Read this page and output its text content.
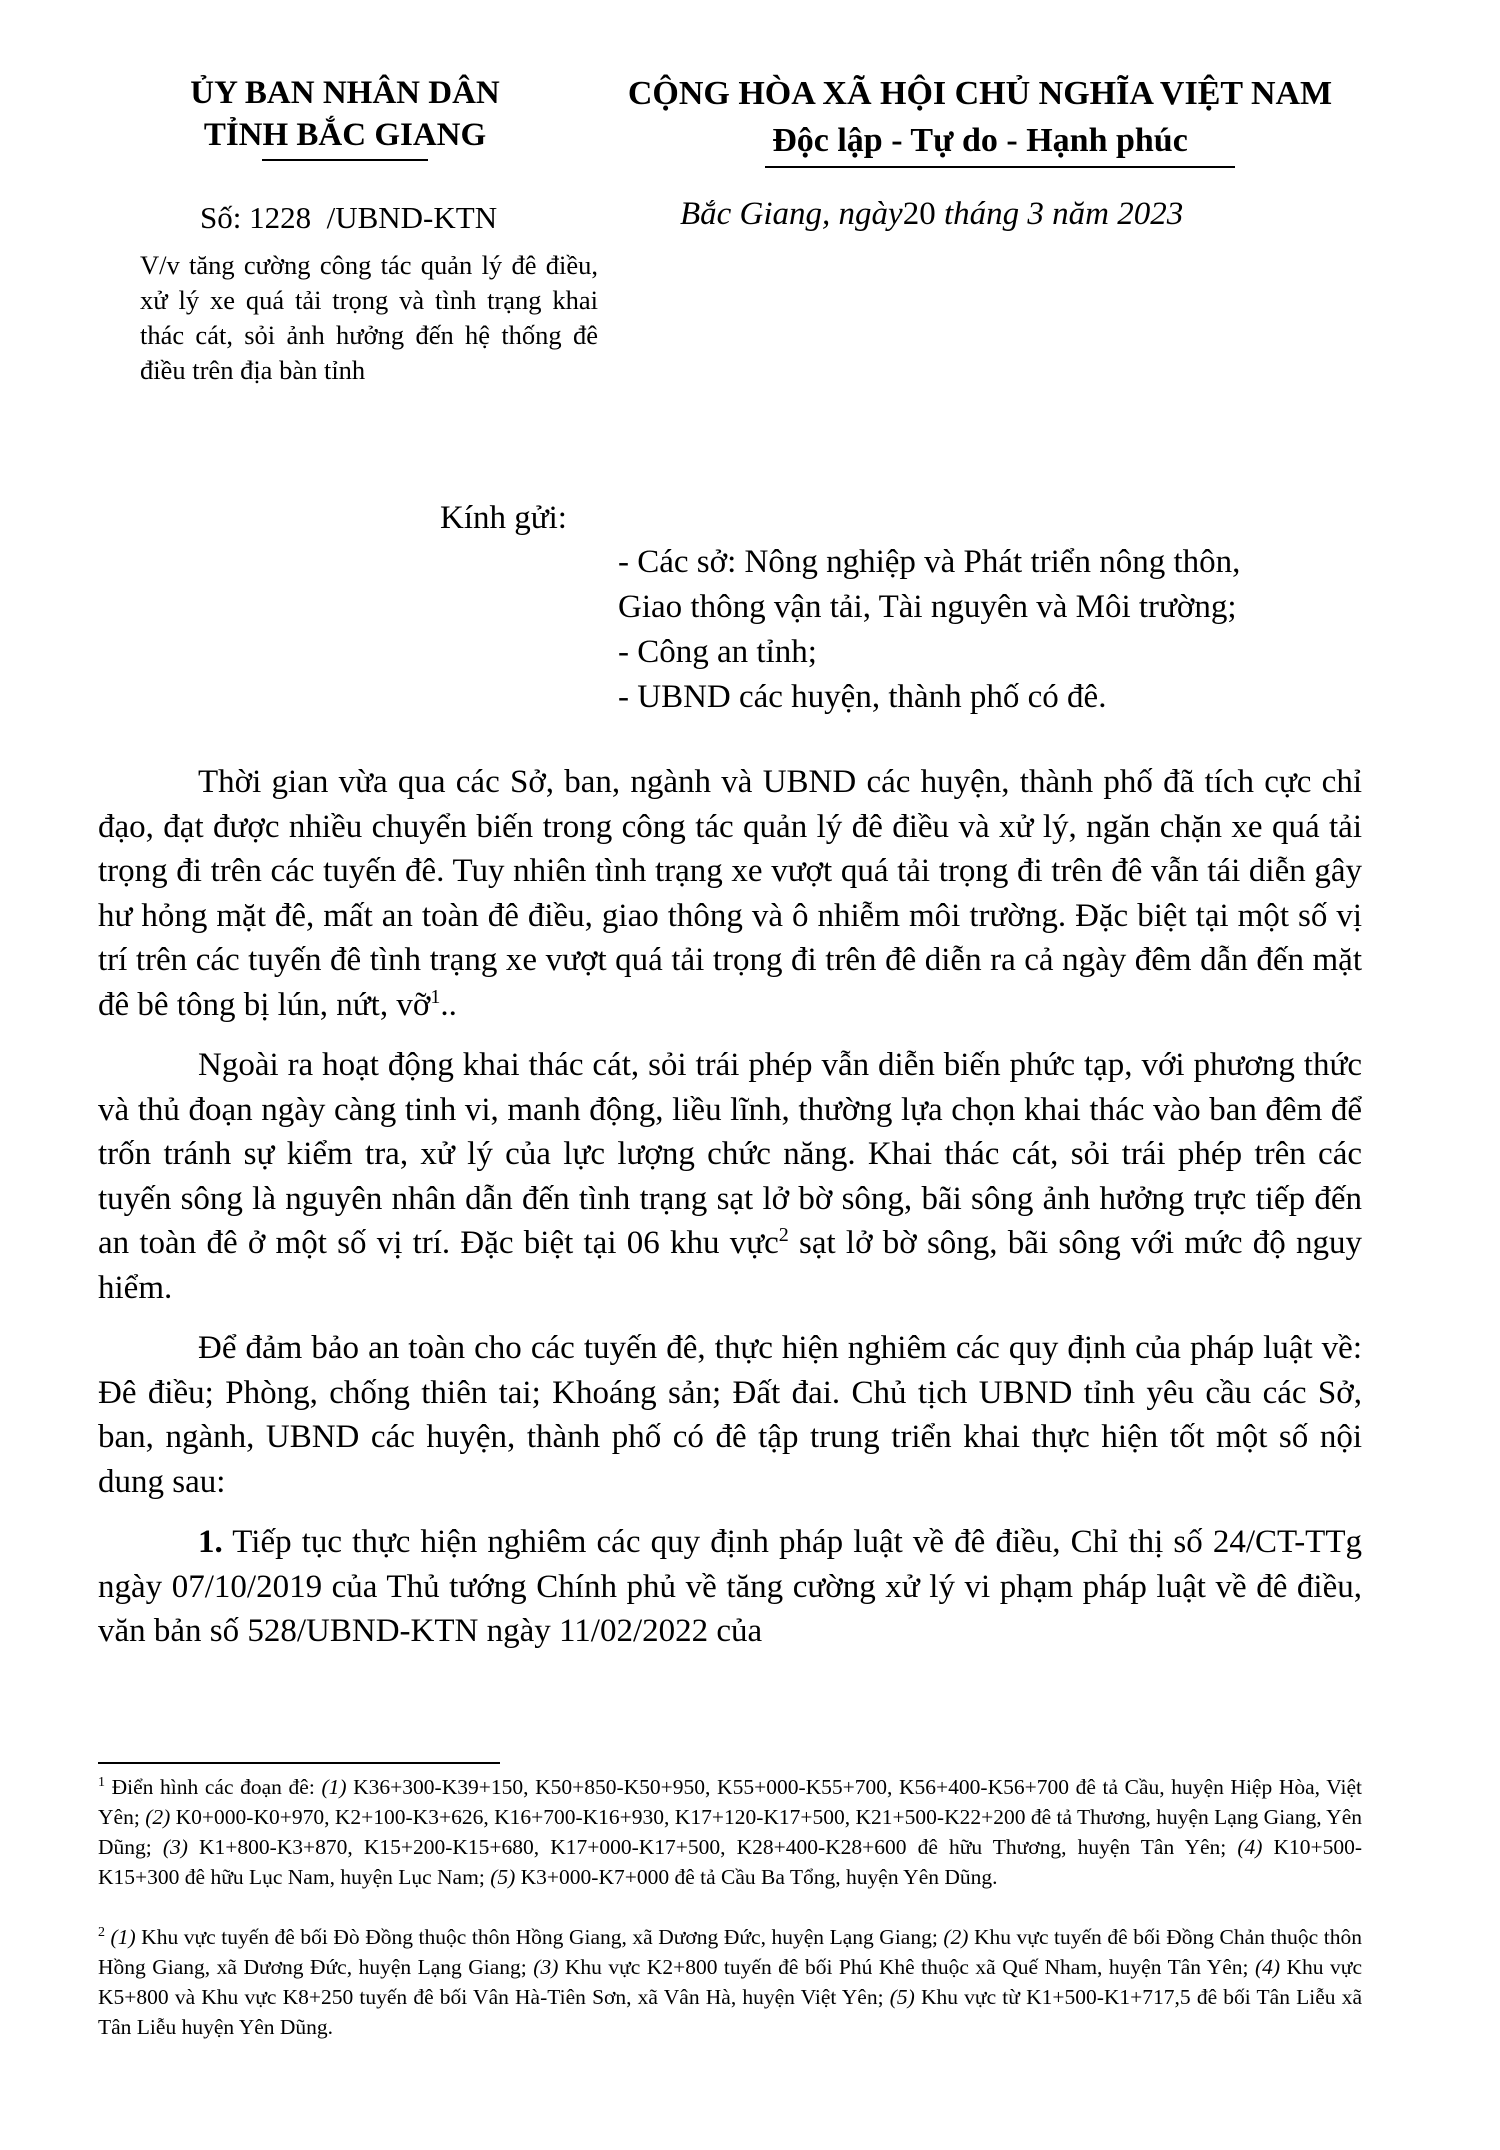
ỦY BAN NHÂN DÂN
TỈNH BẮC GIANG
Số: 1228 /UBND-KTN
V/v tăng cường công tác quản lý đê điều, xử lý xe quá tải trọng và tình trạng khai thác cát, sỏi ảnh hưởng đến hệ thống đê điều trên địa bàn tỉnh
CỘNG HÒA XÃ HỘI CHỦ NGHĨA VIỆT NAM
Độc lập - Tự do - Hạnh phúc
Bắc Giang, ngày20 tháng 3 năm 2023
Kính gửi:
- Các sở: Nông nghiệp và Phát triển nông thôn,
Giao thông vận tải, Tài nguyên và Môi trường;
- Công an tỉnh;
- UBND các huyện, thành phố có đê.

Thời gian vừa qua các Sở, ban, ngành và UBND các huyện, thành phố đã tích cực chỉ đạo, đạt được nhiều chuyển biến trong công tác quản lý đê điều và xử lý, ngăn chặn xe quá tải trọng đi trên các tuyến đê. Tuy nhiên tình trạng xe vượt quá tải trọng đi trên đê vẫn tái diễn gây hư hỏng mặt đê, mất an toàn đê điều, giao thông và ô nhiễm môi trường. Đặc biệt tại một số vị trí trên các tuyến đê tình trạng xe vượt quá tải trọng đi trên đê diễn ra cả ngày đêm dẫn đến mặt đê bê tông bị lún, nứt, vỡ$^1$..

Ngoài ra hoạt động khai thác cát, sỏi trái phép vẫn diễn biến phức tạp, với phương thức và thủ đoạn ngày càng tinh vi, manh động, liều lĩnh, thường lựa chọn khai thác vào ban đêm để trốn tránh sự kiểm tra, xử lý của lực lượng chức năng. Khai thác cát, sỏi trái phép trên các tuyến sông là nguyên nhân dẫn đến tình trạng sạt lở bờ sông, bãi sông ảnh hưởng trực tiếp đến an toàn đê ở một số vị trí. Đặc biệt tại 06 khu vực$^2$ sạt lở bờ sông, bãi sông với mức độ nguy hiểm.

Để đảm bảo an toàn cho các tuyến đê, thực hiện nghiêm các quy định của pháp luật về: Đê điều; Phòng, chống thiên tai; Khoáng sản; Đất đai. Chủ tịch UBND tỉnh yêu cầu các Sở, ban, ngành, UBND các huyện, thành phố có đê tập trung triển khai thực hiện tốt một số nội dung sau:

1. Tiếp tục thực hiện nghiêm các quy định pháp luật về đê điều, Chỉ thị số 24/CT-TTg ngày 07/10/2019 của Thủ tướng Chính phủ về tăng cường xử lý vi phạm pháp luật về đê điều, văn bản số 528/UBND-KTN ngày 11/02/2022 của

$^1$ Điển hình các đoạn đê: (1) K36+300-K39+150, K50+850-K50+950, K55+000-K55+700, K56+400-K56+700 đê tả Cầu, huyện Hiệp Hòa, Việt Yên; (2) K0+000-K0+970, K2+100-K3+626, K16+700-K16+930, K17+120-K17+500, K21+500-K22+200 đê tả Thương, huyện Lạng Giang, Yên Dũng; (3) K1+800-K3+870, K15+200-K15+680, K17+000-K17+500, K28+400-K28+600 đê hữu Thương, huyện Tân Yên; (4) K10+500-K15+300 đê hữu Lục Nam, huyện Lục Nam; (5) K3+000-K7+000 đê tả Cầu Ba Tổng, huyện Yên Dũng.
$^2$ (1) Khu vực tuyến đê bối Đò Đồng thuộc thôn Hồng Giang, xã Dương Đức, huyện Lạng Giang; (2) Khu vực tuyến đê bối Đồng Chản thuộc thôn Hồng Giang, xã Dương Đức, huyện Lạng Giang; (3) Khu vực K2+800 tuyến đê bối Phú Khê thuộc xã Quế Nham, huyện Tân Yên; (4) Khu vực K5+800 và Khu vực K8+250 tuyến đê bối Vân Hà-Tiên Sơn, xã Vân Hà, huyện Việt Yên; (5) Khu vực từ K1+500-K1+717,5 đê bối Tân Liễu xã Tân Liễu huyện Yên Dũng.
